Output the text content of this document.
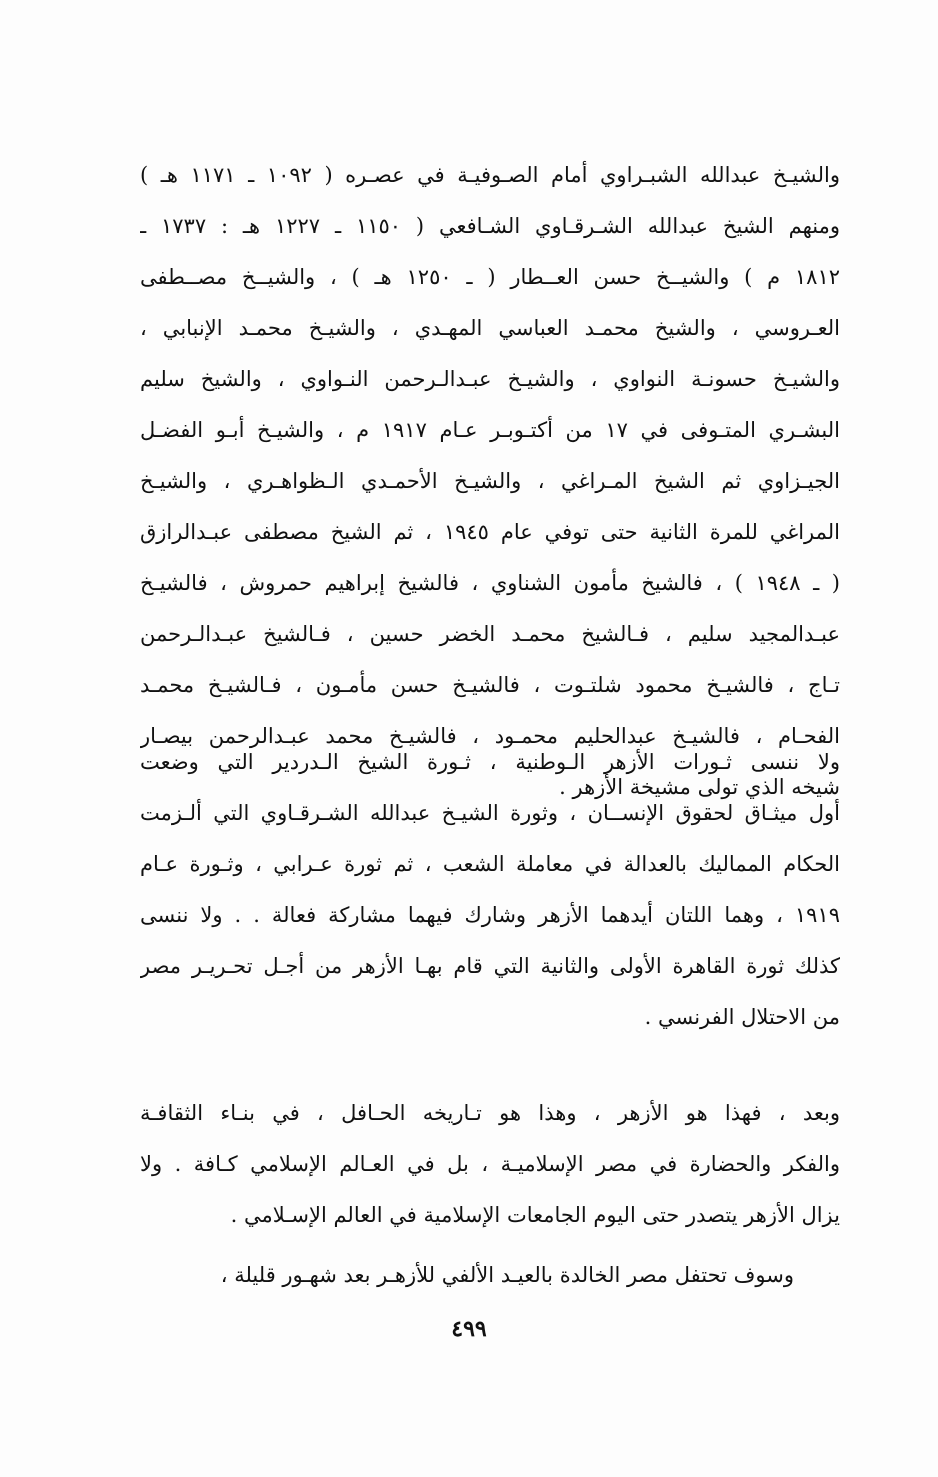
والشيـخ عبدالله الشبـراوي أمام الصـوفيـة في عصـره ( ١٠٩٢ ـ ١١٧١ هـ )
ومنهم الشيخ عبدالله الشـرقـاوي الشـافعي ( ١١٥٠ ـ ١٢٢٧ هـ : ١٧٣٧ ـ
١٨١٢ م ) والشيــخ حسن العــطار ( ـ ١٢٥٠ هـ ) ، والشيــخ مصــطفى
العـروسي ، والشيخ محمـد العباسي المهـدي ، والشيـخ محمـد الإنبابي ،
والشيـخ حسونـة النواوي ، والشيـخ عبـدالـرحمن النـواوي ، والشيخ سليم
البشـري المتـوفى في ١٧ من أكتـوبـر عـام ١٩١٧ م ، والشيـخ أبـو الفضـل
الجيـزاوي ثم الشيخ المـراغي ، والشيـخ الأحمـدي الـظواهـري ، والشيـخ
المراغي للمرة الثانية حتى توفي عام ١٩٤٥ ، ثم الشيخ مصطفى عبـدالرازق
( ـ ١٩٤٨ ) ، فالشيخ مأمون الشناوي ، فالشيخ إبراهيم حمروش ، فالشيـخ
عبـدالمجيد سليم ، فـالشيخ محمـد الخضر حسين ، فـالشيخ عبـدالـرحمن
تـاج ، فالشيـخ محمود شلتـوت ، فالشيـخ حسن مأمـون ، فـالشيـخ محمـد
الفحـام ، فالشيـخ عبدالحليم محمـود ، فالشيـخ محمد عبـدالرحمن بيصـار
شيخه الذي تولى مشيخة الأزهر .
ولا ننسى ثـورات الأزهر الـوطنية ، ثـورة الشيخ الـدردير التي وضعت
أول ميثـاق لحقوق الإنســان ، وثورة الشيـخ عبدالله الشـرقـاوي التي ألـزمت
الحكام المماليك بالعدالة في معاملة الشعب ، ثم ثورة عـرابي ، وثـورة عـام
١٩١٩ ، وهما اللتان أيدهما الأزهر وشارك فيهما مشاركة فعالة . . ولا ننسى
كذلك ثورة القاهرة الأولى والثانية التي قام بهـا الأزهر من أجـل تحـريـر مصر
من الاحتلال الفرنسي .
وبعد ، فهذا هو الأزهر ، وهذا هو تـاريخه الحـافل ، في بنـاء الثقافـة
والفكر والحضارة في مصر الإسلاميـة ، بل في العـالم الإسلامي كـافة . ولا
يزال الأزهر يتصدر حتى اليوم الجامعات الإسلامية في العالم الإسـلامي .
وسوف تحتفل مصر الخالدة بالعيـد الألفي للأزهـر بعد شهـور قليلة ،
٤٩٩
